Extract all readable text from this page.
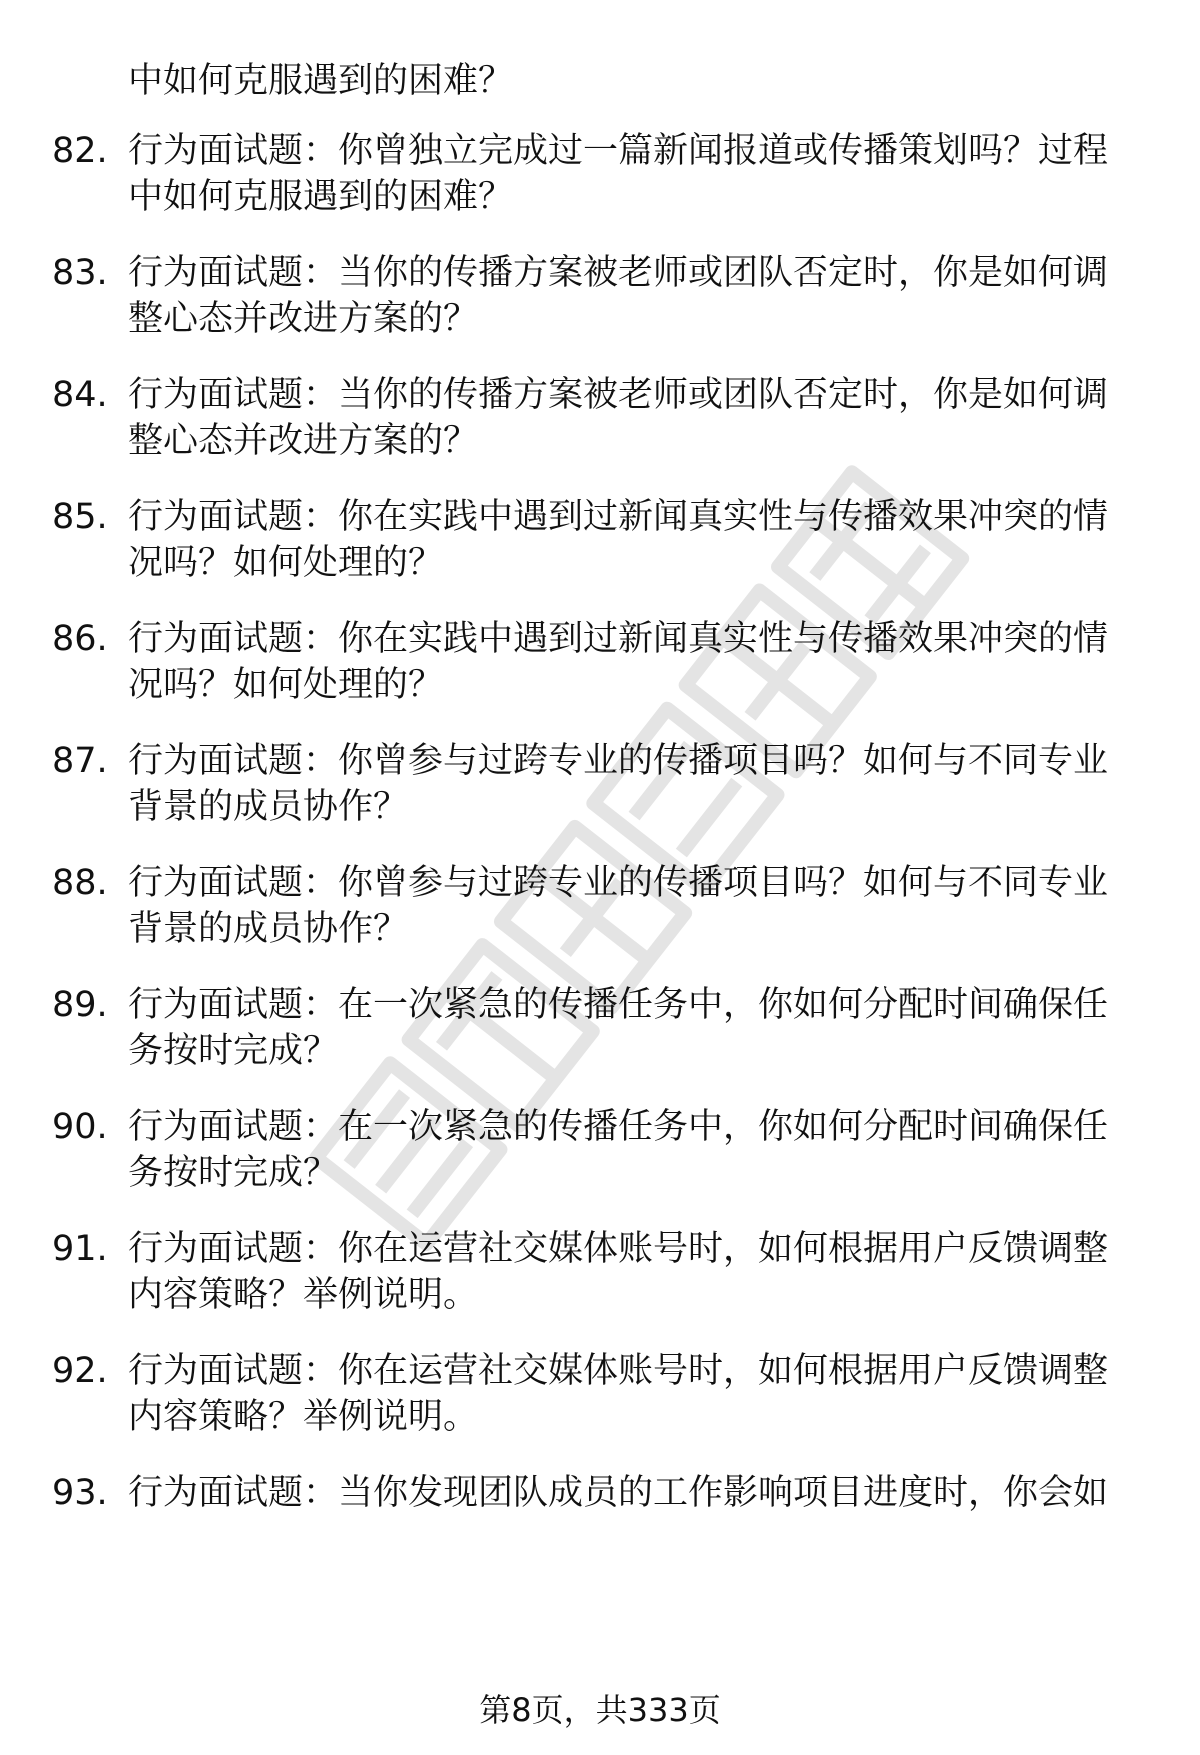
中如何克服遇到的困难？
82. 行为面试题：你曾独立完成过一篇新闻报道或传播策划吗？过程
中如何克服遇到的困难？
83. 行为面试题：当你的传播方案被老师或团队否定时，你是如何调
整心态并改进方案的？
84. 行为面试题：当你的传播方案被老师或团队否定时，你是如何调
整心态并改进方案的？
85. 行为面试题：你在实践中遇到过新闻真实性与传播效果冲突的情
况吗？如何处理的？
86. 行为面试题：你在实践中遇到过新闻真实性与传播效果冲突的情
况吗？如何处理的？
87. 行为面试题：你曾参与过跨专业的传播项目吗？如何与不同专业
背景的成员协作？
88. 行为面试题：你曾参与过跨专业的传播项目吗？如何与不同专业
背景的成员协作？
89. 行为面试题：在一次紧急的传播任务中，你如何分配时间确保任
务按时完成？
90. 行为面试题：在一次紧急的传播任务中，你如何分配时间确保任
务按时完成？
91. 行为面试题：你在运营社交媒体账号时，如何根据用户反馈调整
内容策略？举例说明。
92. 行为面试题：你在运营社交媒体账号时，如何根据用户反馈调整
内容策略？举例说明。
93. 行为面试题：当你发现团队成员的工作影响项目进度时，你会如
第8页，共333页
